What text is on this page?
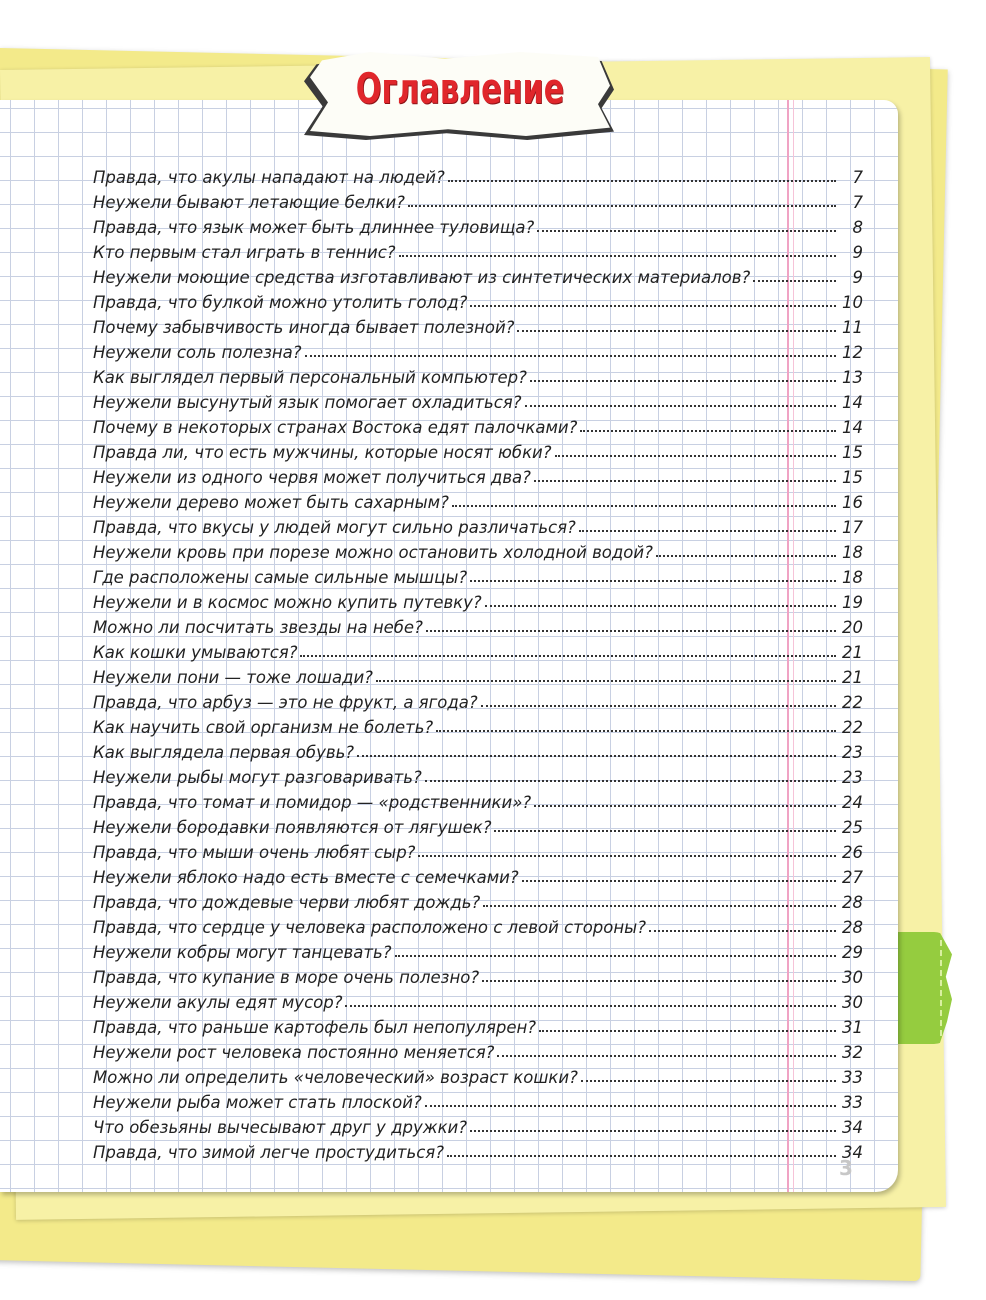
Оглавление
Правда, что акулы нападают на людей?	7
Неужели бывают летающие белки?	7
Правда, что язык может быть длиннее туловища?	8
Кто первым стал играть в теннис?	9
Неужели моющие средства изготавливают из синтетических материалов?	9
Правда, что булкой можно утолить голод?	10
Почему забывчивость иногда бывает полезной?	11
Неужели соль полезна?	12
Как выглядел первый персональный компьютер?	13
Неужели высунутый язык помогает охладиться?	14
Почему в некоторых странах Востока едят палочками?	14
Правда ли, что есть мужчины, которые носят юбки?	15
Неужели из одного червя может получиться два?	15
Неужели дерево может быть сахарным?	16
Правда, что вкусы у людей могут сильно различаться?	17
Неужели кровь при порезе можно остановить холодной водой?	18
Где расположены самые сильные мышцы?	18
Неужели и в космос можно купить путевку?	19
Можно ли посчитать звезды на небе?	20
Как кошки умываются?	21
Неужели пони — тоже лошади?	21
Правда, что арбуз — это не фрукт, а ягода?	22
Как научить свой организм не болеть?	22
Как выглядела первая обувь?	23
Неужели рыбы могут разговаривать?	23
Правда, что томат и помидор — «родственники»?	24
Неужели бородавки появляются от лягушек?	25
Правда, что мыши очень любят сыр?	26
Неужели яблоко надо есть вместе с семечками?	27
Правда, что дождевые черви любят дождь?	28
Правда, что сердце у человека расположено с левой стороны?	28
Неужели кобры могут танцевать?	29
Правда, что купание в море очень полезно?	30
Неужели акулы едят мусор?	30
Правда, что раньше картофель был непопулярен?	31
Неужели рост человека постоянно меняется?	32
Можно ли определить «человеческий» возраст кошки?	33
Неужели рыба может стать плоской?	33
Что обезьяны вычесывают друг у дружки?	34
Правда, что зимой легче простудиться?	34
3
